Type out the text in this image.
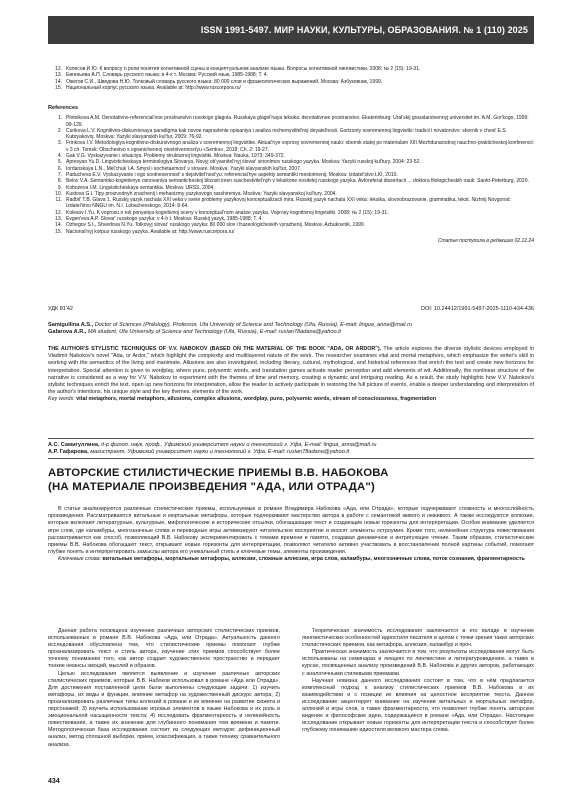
ISSN 1991-5497. МИР НАУКИ, КУЛЬТУРЫ, ОБРАЗОВАНИЯ. № 1 (110) 2025
12. Колесов И.Ю. К вопросу о роли понятия когнитивной сцены в концептуальном анализе языка. Вопросы когнитивной лингвистики. 2008; № 2 (15): 19-31.
13. Евгеньева А.П. Словарь русского языка: в 4-х т. Москва: Русский язык, 1985-1988; Т. 4.
14. Ожегов С.И., Шведова Н.Ю. Толковый словарь русского языка: 80 000 слов и фразеологических выражений. Москва: Азбуковник, 1999.
15. Национальный корпус русского языка. Available at: http://www.ruscorpora.ru/
References
1. Plotnikova A.M. Denotativno-referencial'noe prostranstvo russkogo glagola. Russkaya glagol'naya leksika: denotativnoe prostranstvo. Ekaterinburg: Ural'skij gosudarstvennyj universitet im. A.M. Gor'kogo, 1999: 99-139.
2. Curikova L.V. Kognitivno-diskursivnaya paradigma kak novoe napravlenie opisaniya i analiza rechemysliteľnoj deyateľnosti. Gorizonty sovremennoj lingvistiki: tradicii i novatorstvo: sbornik v chesť E.S. Kubryakovoj. Moskva: Yazyki slavyanskih kul'tur, 2009: 76-92.
3. Frinkova I.V. Metodologiya kognitivno-diskursivnogo analiza v sovremennoj lingvistike. Aktual'nye voprosy sovremennoj nauki: sbornik statej po materialam XIII Mezhdunarodnoj nauchno-prakticheskoj konferencii: v 3 ch. Tomsk: Obschestvo s ogranichennoj otvetstvennosťyu «Sentra», 2018; Ch. 2: 19-27.
4. Gak V.G. Vyskazyvanie i situaciya. Problemy strukturnoj lingvistiki. Moskva: Nauka, 1973: 349-372.
5. Apresyan Yu.D. Lingvisticheskaya terminologiya Slovarya. Novyj ob'yasnitel'nyj slovar' sinonimov russkogo yazyka. Moskva: Yazyki russkoj kul'tury, 2004: 23-52.
6. Iordanskaya L.N., Mel'chuk I.A. Smysl i sochetaemost' v slovare. Moskva: Yazyki slavyanskih kul'tur, 2007.
7. Paducheva E.V. Vyskazyvanie i ego sootnesennost' s dejstvitel'nost'yu: referencial'nye aspekty semantiki mestoimenij. Moskva: Izdatel'stvo LKI, 2010.
8. Belov V.A. Semantiko-kognitivnye osnovaniya semanticheskoj blizosti imen suschestvitel'nyh v leksikone nositelej russkogo yazyka. Avtoreferat dissertacii ... doktora filologicheskih nauk. Sankt-Peterburg, 2020.
9. Kobozeva I.M. Lingvisticheskaya semantika. Moskva: URSS, 2004.
10. Kustova G.I. Tipy proizvodnyh znachenij i mehanizmy yazykovogo rasshireniya. Moskva: Yazyki slavyanskoj kul'tury, 2004.
11. Radbil' T.B. Glava 1. Russkij yazyk nachala XXI veka v svete problemy yazykovoj konceptualizacii mira. Russkij yazyk nachala XXI veka: leksika, slovoobrazovanie, grammatika, tekst. Nizhnij Novgorod: Izdatel'stvo NNGU im. N.I. Lobachevskogo, 2014: 8-64.
12. Kolesov I.Yu. K voprosu o roli ponyatiya kognitivnoj sceny v konceptual'nom analize yazyka. Voprosy kognitivnoj lingvistiki. 2008; № 2 (15): 19-31.
13. Evgen'eva A.P. Slovar' russkogo yazyka: v 4-h t. Moskva: Russkij yazyk, 1985-1988; T. 4.
14. Ozhegov S.I., Shvedova N.Yu. Tolkovyj slovar' russkogo yazyka: 80 000 slov i frazeologicheskih vyrazhenij. Moskva: Azbukovnik, 1999.
15. Nacional'nyj korpus russkogo yazyka. Available at: http://www.ruscorpora.ru/
Статья поступила в редакцию 02.12.24
УДК 81'42	DOI: 10.24412/1991-5497-2025-1110-434-436
Samigullina A.S., Doctor of Sciences (Philology), Professor, Ufa University of Science and Technology (Ufa, Russia), E-mail: lingua_anna@mail.ru
Gafarova A.R., MA student, Ufa University of Science and Technology (Ufa, Russia), E-mail: ruslan78adana@yahoo.it
THE AUTHOR'S STYLISTIC TECHNIQUES OF V.V. NABOKOV (BASED ON THE MATERIAL OF THE BOOK "ADA, OR ARDOR"). The article explores the diverse stylistic devices employed in Vladimir Nabokov's novel "Ada, or Ardor," which highlight the complexity and multilayered nature of the work. The researcher examines vital and mortal metaphors, which emphasize the writer's skill in working with the semantics of the living and inanimate. Allusions are also investigated, including literary, cultural, mythological, and historical references that enrich the text and create new horizons for interpretation. Special attention is given to wordplay, where puns, polysemic words, and translation games activate reader perception and add elements of wit. Additionally, the nonlinear structure of the narrative is considered as a way for V.V. Nabokov to experiment with the themes of time and memory, creating a dynamic and intriguing reading. As a result, the study highlights how V.V. Nabokov's stylistic techniques enrich the text, open up new horizons for interpretation, allow the reader to actively participate in restoring the full picture of events, enable a deeper understanding and interpretation of the author's intentions, his unique style and the key themes, elements of the work.
Key words: vital metaphors, mortal metaphors, allusions, complex allusions, wordplay, puns, polysemic words, stream of consciousness, fragmentation
А.С. Самигуллина, д-р филол. наук, проф., Уфимский университет науки и технологий г. Уфа, E-mail: lingua_anna@mail.ru
А.Р. Гафарова, магистрант, Уфимский университет науки и технологий г. Уфа, E-mail: ruslan78adana@yahoo.it
АВТОРСКИЕ СТИЛИСТИЧЕСКИЕ ПРИЕМЫ В.В. НАБОКОВА
(НА МАТЕРИАЛЕ ПРОИЗВЕДЕНИЯ "АДА, ИЛИ ОТРАДА")
В статье анализируются различные стилистические приемы, используемые в романе Владимира Набокова «Ада, или Отрада», которые подчеркивают сложность и многослойность произведения. Рассматриваются витальные и мортальные метафоры, которые подчеркивают мастерство автора в работе с семантикой живого и неживого. А также исследуются аллюзии, которые включают литературные, культурные, мифологические и исторические отсылки, обогащающие текст и создающие новые горизонты для интерпретации. Особое внимание уделяется игре слов, где каламбуры, многозначные слова и переводные игры активизируют читательское восприятие и вносят элементы остроумия. Кроме того, нелинейная структура повествования рассматривается как способ, позволяющий В.В. Набокову экспериментировать с темами времени и памяти, создавая динамичное и интригующее чтение. Таким образом, стилистические приемы В.В. Набокова обогащают текст, открывают новые горизонты для интерпретации, позволяют читателю активно участвовать в восстановлении полной картины событий, помогают глубже понять и интерпретировать замыслы автора его уникальный стиль и ключевые темы, элементы произведения.
Ключевые слова: витальные метафоры, мортальные метафоры, аллюзии, сложные аллюзии, игра слов, каламбуры, многозначные слова, поток сознания, фрагментарность

Данная работа посвящена изучению различных авторских стилистических приемов, использованных в романе В.В. Набокова «Ада, или Отрада». Актуальность данного исследования обусловлена тем, что стилистические приемы помогают глубже проанализировать текст и стиль автора, изучение этих приемов способствует более точному пониманию того, как автор создает художественное пространство и передает тонкие нюансы эмоций, мыслей и образов.

Целью исследования является выявление и изучение различных авторских стилистических приемов, которые В.В. Набоков использовал в романе «Ада или Отрада». Для достижения поставленной цели были выполнены следующие задачи: 1) изучить метафоры, их виды и функции, влияние метафор на художественный дискурс автора; 2) проанализировать различные типы аллюзий в романе и их влияние на развитие сюжета и персонажей; 3) изучить использование игровых элементов в языке Набокова и их роль в эмоциональной насыщенности текста; 4) исследовать фрагментарность и нелинейность повествования, а также их значение для глубинного понимания тем времени и памяти. Методологическая база исследования состоит из следующих методов: дефиниционный анализ, метод сплошной выборки, прием, классификация, а также технику сравнительного анализа.

Теоретическая значимость исследования заключается в его вкладе в изучение лингвистических особенностей идиостиля писателя в целом с точки зрения таких авторских стилистических приемов, как метафора, аллюзия, каламбур и проч.

Практическая значимость заключается в том, что результаты исследования могут быть использованы на семинарах и лекциях по лингвистике и литературоведению, а также в курсах, посвященных анализу произведений В.В. Набокова и других авторов, работающих с аналогичными стилевыми приемами.

Научная новизна данного исследования состоит в том, что в нём предлагается комплексный подход к анализу стилистических приемов В.В. Набокова в их взаимодействии и с позиции их влияния на целостное восприятие текста. Данное исследование акцентирует внимание на изучении витальных и мортальных метафор, аллюзий и игры слов, а также фрагментарности, что позволяет глубже понять авторское видение и философские идеи, содержащиеся в романе «Ада, или Отрада». Настоящее исследование открывает новые горизонты для интерпретации текста и способствует более глубокому пониманию идиостиля великого мастера слова.

434
